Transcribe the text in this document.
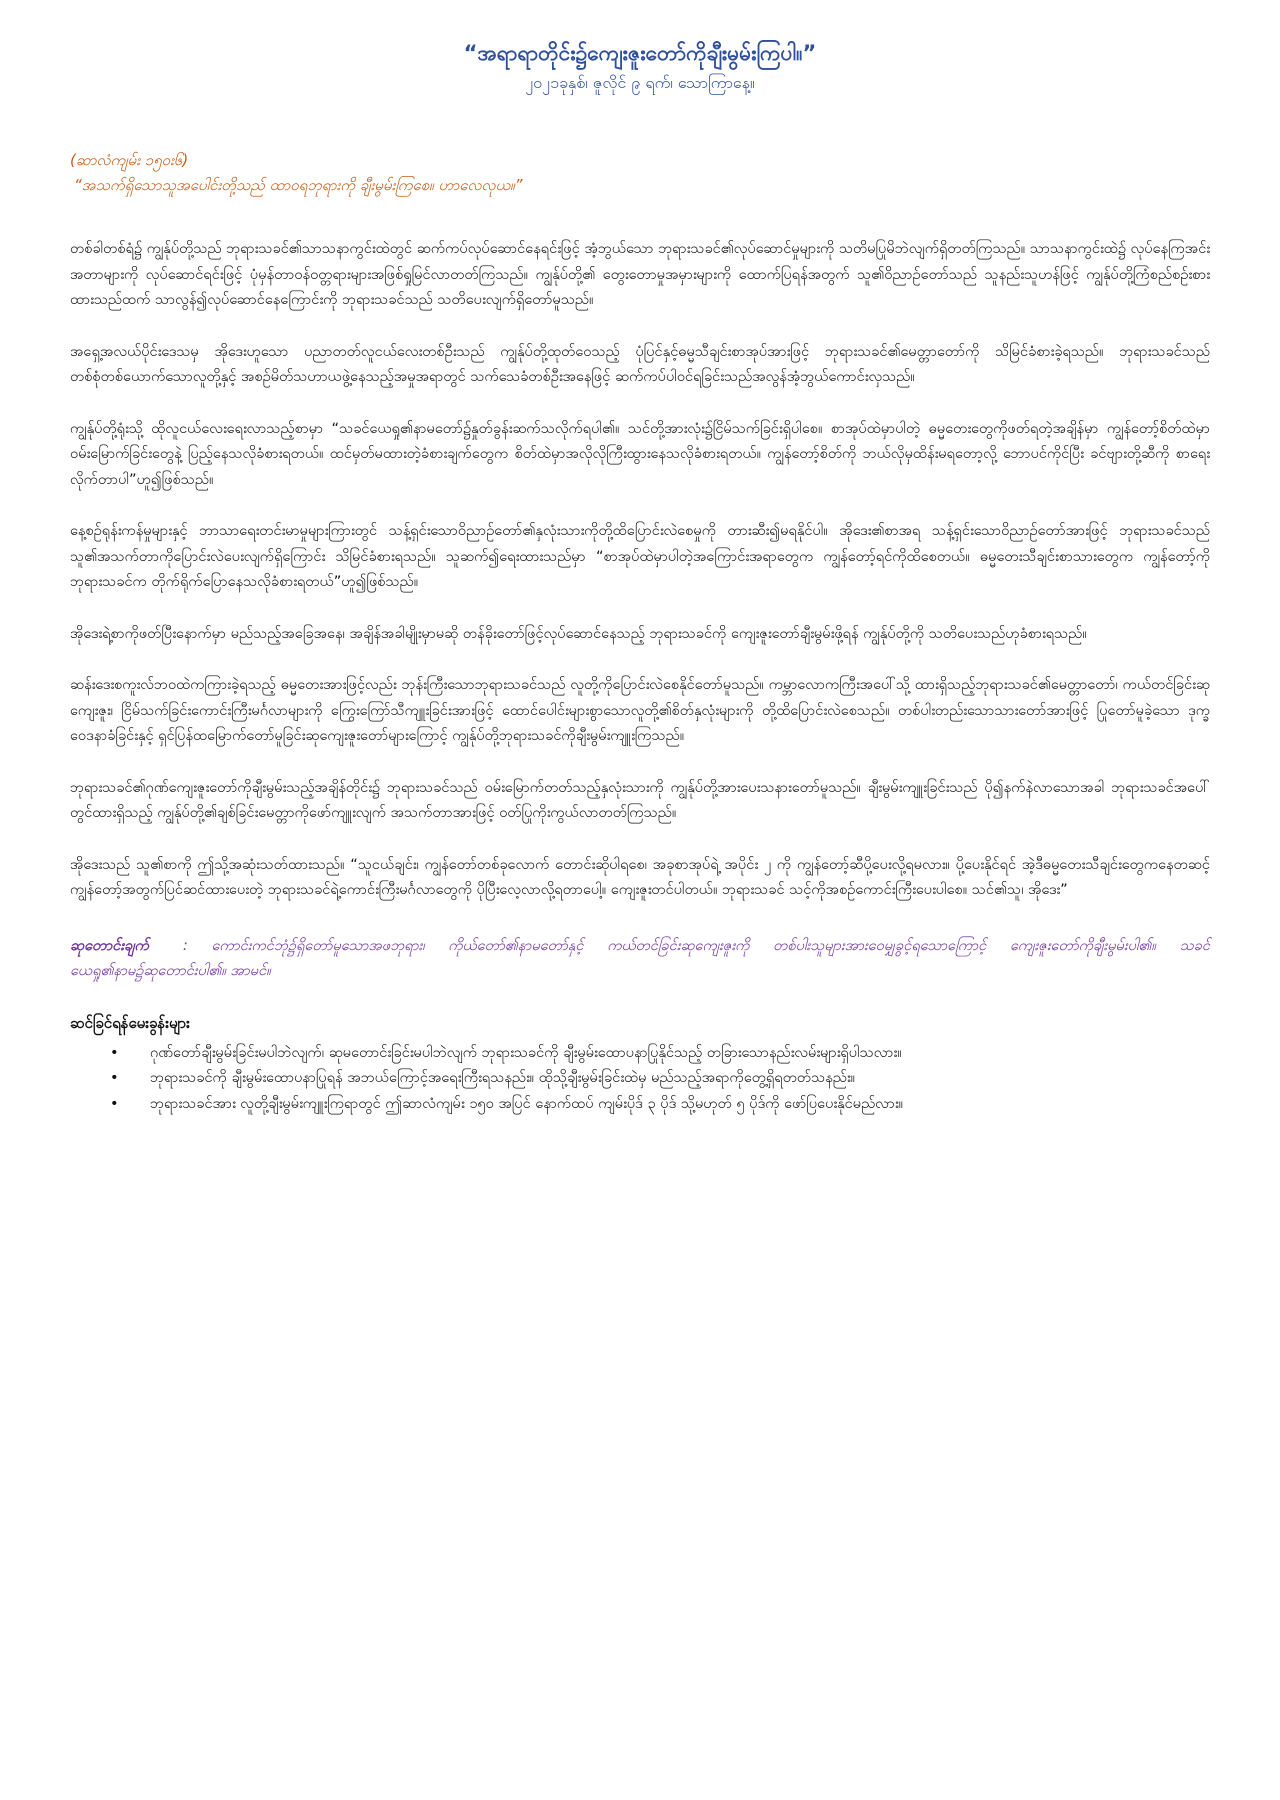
“အရာရာတိုင်း၌ကျေးဇူးတော်ကိုချီးမွမ်းကြပါ။”
၂၀၂၁ခုနှစ်၊ ဇူလိုင် ၉ ရက်၊ သောကြာနေ့။
(ဆာလံကျမ်း ၁၅၀း၆)
“အသက်ရှိသောသူအပေါင်းတို့သည် ထာဝရဘုရားကို ချီးမွမ်းကြစေ။ ဟာလေလုယ။”

တစ်ခါတစ်ရံ၌ ကျွန်ုပ်တို့သည် ဘုရားသခင်၏သာသနာကွင်းထဲတွင် ဆက်ကပ်လုပ်ဆောင်နေရင်းဖြင့် အံ့ဘွယ်သော ဘုရားသခင်၏လုပ်ဆောင်မှုများကို သတိမပြုမိဘဲလျက်ရှိတတ်ကြသည်။ သာသနာကွင်းထဲ၌ လုပ်နေကြအင်းအတာများကို လုပ်ဆောင်ရင်းဖြင့် ပုံမှန်တာဝန်ဝတ္တရားများအဖြစ်ရှုမြင်လာတတ်ကြသည်။ ကျွန်ုပ်တို့၏ တွေးတောမှုအမှားများကို ထောက်ပြရန်အတွက် သူ၏ဝိညာဉ်တော်သည် သူနည်းသူဟန်ဖြင့် ကျွန်ုပ်တို့ကြံစည်စဉ်းစားထားသည်ထက် သာလွန်၍လုပ်ဆောင်နေကြောင်းကို ဘုရားသခင်သည် သတိပေးလျက်ရှိတော်မူသည်။

အရှေ့အလယ်ပိုင်းဒေသမှ အိုဒေးဟူသော ပညာတတ်လူငယ်လေးတစ်ဦးသည် ကျွန်ုပ်တို့ထုတ်ဝေသည့် ပုံပြင်နှင့်ဓမ္မသီချင်းစာအုပ်အားဖြင့် ဘုရားသခင်၏မေတ္တာတော်ကို သိမြင်ခံစားခဲ့ရသည်။ ဘုရားသခင်သည် တစ်စုံတစ်ယောက်သောလူတို့နှင့် အစဉ်မိတ်သဟာယဖွဲ့နေသည့်အမှုအရာတွင် သက်သေခံတစ်ဦးအနေဖြင့် ဆက်ကပ်ပါဝင်ရခြင်းသည်အလွန်အံ့ဘွယ်ကောင်းလှသည်။

ကျွန်ုပ်တို့ရုံးသို့ ထိုလူငယ်လေးရေးလာသည့်စာမှာ “သခင်ယေရှု၏နာမတော်၌နှုတ်ခွန်းဆက်သလိုက်ရပါ၏။ သင်တို့အားလုံး၌ငြိမ်သက်ခြင်းရှိပါစေ။ စာအုပ်ထဲမှာပါတဲ့ ဓမ္မတေးတွေကိုဖတ်ရတဲ့အချိန်မှာ ကျွန်တော့်စိတ်ထဲမှာဝမ်းမြောက်ခြင်းတွေနဲ့ ပြည့်နေသလိုခံစားရတယ်။ ထင်မှတ်မထားတဲ့ခံစားချက်တွေက စိတ်ထဲမှာအလိုလိုကြီးထွားနေသလိုခံစားရတယ်။ ကျွန်တော့်စိတ်ကို ဘယ်လိုမှထိန်းမရတော့လို့ ဘောပင်ကိုင်ပြီး ခင်ဗျားတို့ဆီကို စာရေးလိုက်တာပါ”ဟူ၍ဖြစ်သည်။

နေ့စဉ်ရုန်းကန်မှုများနှင့် ဘာသာရေးတင်းမာမှုများကြားတွင် သန့်ရှင်းသောဝိညာဉ်တော်၏နှလုံးသားကိုတို့ထိပြောင်းလဲစေမှုကို တားဆီး၍မရနိုင်ပါ။ အိုဒေး၏စာအရ သန့်ရှင်းသောဝိညာဉ်တော်အားဖြင့် ဘုရားသခင်သည် သူ၏အသက်တာကိုပြောင်းလဲပေးလျက်ရှိကြောင်း သိမြင်ခံစားရသည်။ သူဆက်၍ရေးထားသည်မှာ “စာအုပ်ထဲမှာပါတဲ့အကြောင်းအရာတွေက ကျွန်တော့်ရင်ကိုထိစေတယ်။ ဓမ္မတေးသီချင်းစာသားတွေက ကျွန်တော့်ကိုဘုရားသခင်က တိုက်ရိုက်ပြောနေသလိုခံစားရတယ်”ဟူ၍ဖြစ်သည်။

အိုဒေးရဲ့စာကိုဖတ်ပြီးနောက်မှာ မည်သည့်အခြေအနေ၊ အချိန်အခါမျိုးမှာမဆို တန်ခိုးတော်ဖြင့်လုပ်ဆောင်နေသည့် ဘုရားသခင်ကို ကျေးဇူးတော်ချီးမွမ်းဖို့ရန် ကျွန်ုပ်တို့ကို သတိပေးသည်ဟုခံစားရသည်။

ဆန်းဒေးစကူးလ်ဘဝထဲကကြားခဲ့ရသည့် ဓမ္မတေးအားဖြင့်လည်း ဘုန်းကြီးသောဘုရားသခင်သည် လူတို့ကိုပြောင်းလဲစေနိုင်တော်မူသည်။ ကမ္ဘာလောကကြီးအပေါ်သို့ ထားရှိသည့်ဘုရားသခင်၏မေတ္တာတော်၊ ကယ်တင်ခြင်းဆုကျေးဇူး၊ ငြိမ်သက်ခြင်းကောင်းကြီးမင်္ဂလာများကို ကြွေးကြော်သီကျူးခြင်းအားဖြင့် ထောင်ပေါင်းများစွာသောလူတို့၏စိတ်နှလုံးများကို တို့ထိပြောင်းလဲစေသည်။ တစ်ပါးတည်းသောသားတော်အားဖြင့် ပြုတော်မူခဲ့သော ဒုက္ခဝေဒနာခံခြင်းနှင့် ရှင်ပြန်ထမြောက်တော်မူခြင်းဆုကျေးဇူးတော်များကြောင့် ကျွန်ုပ်တို့ဘုရားသခင်ကိုချီးမွမ်းကျူးကြသည်။

ဘုရားသခင်၏ဂုဏ်ကျေးဇူးတော်ကိုချီးမွမ်းသည့်အချိန်တိုင်း၌ ဘုရားသခင်သည် ဝမ်းမြောက်တတ်သည့်နှလုံးသားကို ကျွန်ုပ်တို့အားပေးသနားတော်မူသည်။ ချီးမွမ်းကျူးခြင်းသည် ပို၍နက်နဲလာသောအခါ ဘုရားသခင်အပေါ်တွင်ထားရှိသည့် ကျွန်ုပ်တို့၏ချစ်ခြင်းမေတ္တာကိုဖော်ကျူးလျက် အသက်တာအားဖြင့် ဝတ်ပြုကိုးကွယ်လာတတ်ကြသည်။

အိုဒေးသည် သူ၏စာကို ဤသို့အဆုံးသတ်ထားသည်။ “သူငယ်ချင်း၊ ကျွန်တော်တစ်ခုလောက် တောင်းဆိုပါရစေ၊ အခုစာအုပ်ရဲ့ အပိုင်း ၂ ကို ကျွန်တော့်ဆီပို့ပေးလို့ရမလား။ ပို့ပေးနိုင်ရင် အဲ့ဒီဓမ္မတေးသီချင်းတွေကနေတဆင့် ကျွန်တော့်အတွက်ပြင်ဆင်ထားပေးတဲ့ ဘုရားသခင်ရဲ့ကောင်းကြီးမင်္ဂလာတွေကို ပိုပြီးလေ့လာလို့ရတာပေါ့။ ကျေးဇူးတင်ပါတယ်။ ဘုရားသခင် သင့်ကိုအစဉ်ကောင်းကြီးပေးပါစေ။ သင်၏သူ၊ အိုဒေး”

ဆုတောင်းချက် : ကောင်းကင်ဘုံ၌ရှိတော်မူသောအဖဘုရား၊ ကိုယ်တော်၏နာမတော်နှင့် ကယ်တင်ခြင်းဆုကျေးဇူးကို တစ်ပါးသူများအားဝေမျှခွင့်ရသောကြောင့် ကျေးဇူးတော်ကိုချီးမွမ်းပါ၏။ သခင်ယေရှု၏နာမ၌ဆုတောင်းပါ၏။ အာမင်။

ဆင်ခြင်ရန်မေးခွန်းများ
• ဂုဏ်တော်ချီးမွမ်းခြင်းမပါဘဲလျက်၊ ဆုမတောင်းခြင်းမပါဘဲလျက် ဘုရားသခင်ကို ချီးမွမ်းထောပနာပြုနိုင်သည့် တခြားသောနည်းလမ်းများရှိပါသလား။
• ဘုရားသခင်ကို ချီးမွမ်းထောပနာပြုရန် အဘယ်ကြောင့်အရေးကြီးရသနည်း။ ထိုသို့ချီးမွမ်းခြင်းထဲမှ မည်သည့်အရာကိုတွေ့ရှိရတတ်သနည်း။
• ဘုရားသခင်အား လူတို့ချီးမွမ်းကျူးကြရာတွင် ဤဆာလံကျမ်း ၁၅၀ အပြင် နောက်ထပ် ကျမ်းပိုဒ် ၃ ပိုဒ် သို့မဟုတ် ၅ ပိုဒ်ကို ဖော်ပြပေးနိုင်မည်လား။
